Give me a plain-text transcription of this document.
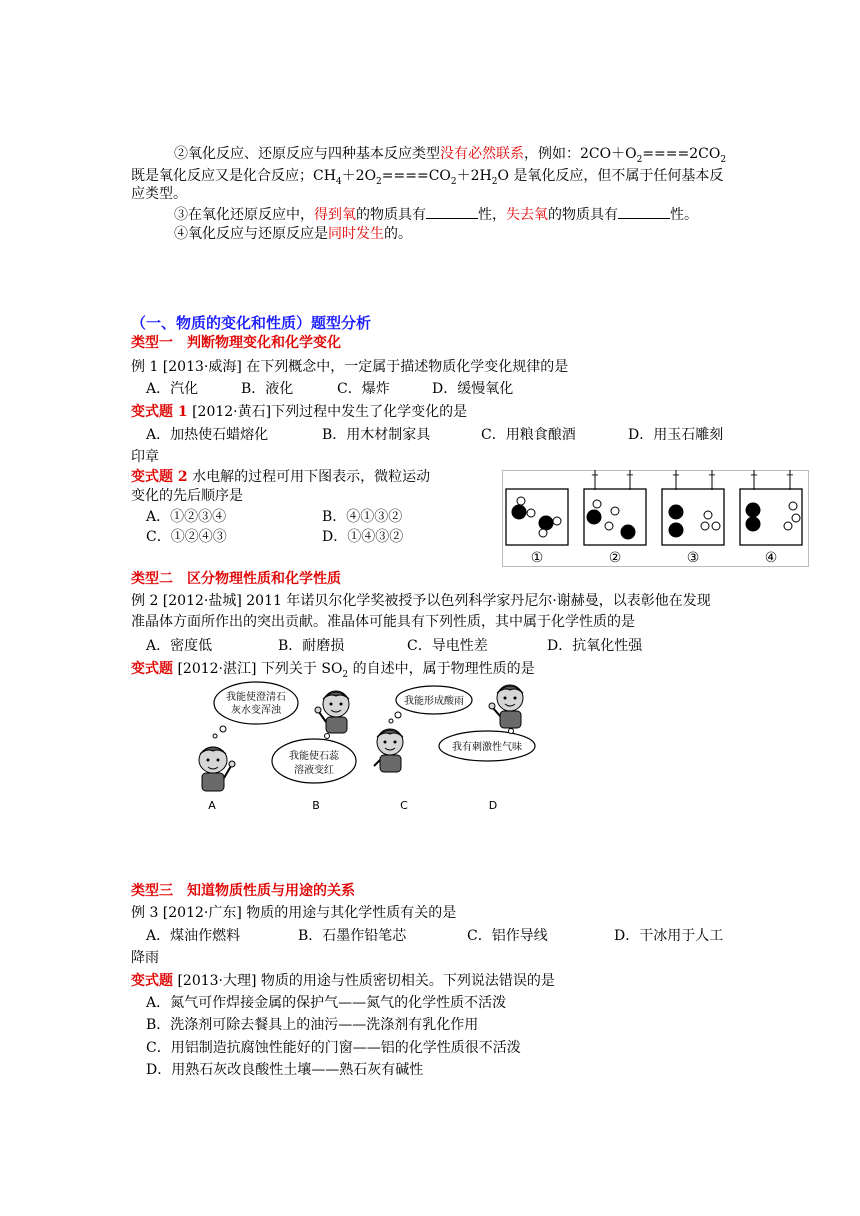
②氧化反应、还原反应与四种基本反应类型没有必然联系，例如：$2CO+O_2====2CO_2$
既是氧化反应又是化合反应；$CH_4+2O_2====CO_2+2H_2O$ 是氧化反应，但不属于任何基本反
应类型。
③在氧化还原反应中，得到氧的物质具有	性，失去氧的物质具有	性。
④氧化反应与还原反应是同时发生的。
（一、物质的变化和性质）题型分析
类型一　判断物理变化和化学变化
例 1 [2013·威海] 在下列概念中，一定属于描述物质化学变化规律的是
A．汽化	B．液化	C．爆炸	D．缓慢氧化
变式题 1 [2012·黄石]下列过程中发生了化学变化的是
A．加热使石蜡熔化	B．用木材制家具	C．用粮食酿酒	D．用玉石雕刻
印章
变式题 2 水电解的过程可用下图表示，微粒运动
变化的先后顺序是
A．①②③④	B．④①③②
C．①②④③	D．①④③②
+	−	+	−	+	−
①	②	③	④
类型二　区分物理性质和化学性质
例 2 [2012·盐城] 2011 年诺贝尔化学奖被授予以色列科学家丹尼尔·谢赫曼，以表彰他在发现
准晶体方面所作出的突出贡献。准晶体可能具有下列性质，其中属于化学性质的是
A．密度低	B．耐磨损	C．导电性差	D．抗氧化性强
变式题 [2012·湛江] 下列关于 $SO_2$ 的自述中，属于物理性质的是
我能使澄清石
灰水变浑浊
我能使石蕊
溶液变红
我能形成酸雨
我有刺激性气味
A	B	C	D
类型三　知道物质性质与用途的关系
例 3 [2012·广东] 物质的用途与其化学性质有关的是
A．煤油作燃料	B．石墨作铅笔芯	C．铝作导线	D．干冰用于人工
降雨
变式题 [2013·大理] 物质的用途与性质密切相关。下列说法错误的是
A．氮气可作焊接金属的保护气——氮气的化学性质不活泼
B．洗涤剂可除去餐具上的油污——洗涤剂有乳化作用
C．用铝制造抗腐蚀性能好的门窗——铝的化学性质很不活泼
D．用熟石灰改良酸性土壤——熟石灰有碱性
